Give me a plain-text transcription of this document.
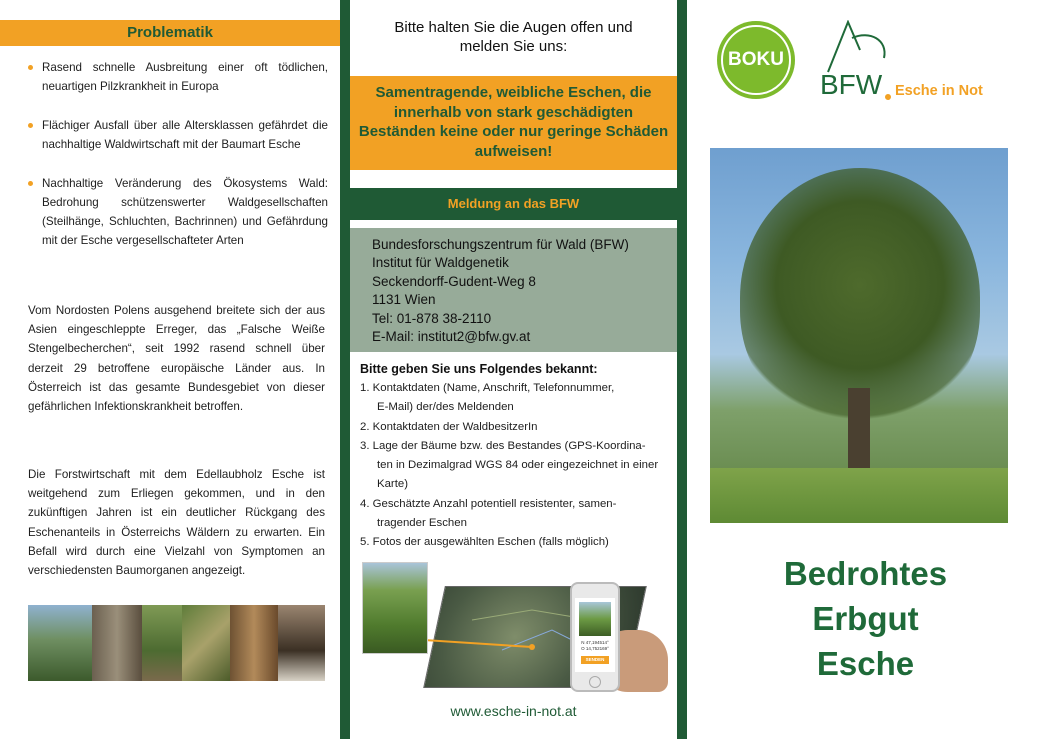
Problematik
Rasend schnelle Ausbreitung einer oft tödlichen, neuartigen Pilzkrankheit in Europa
Flächiger Ausfall über alle Altersklassen gefährdet die nachhaltige Waldwirtschaft mit der Baumart Esche
Nachhaltige Veränderung des Ökosystems Wald: Bedrohung schützenswerter Waldgesellschaften (Steilhänge, Schluchten, Bachrinnen) und Gefährdung mit der Esche vergesellschafteter Arten

Vom Nordosten Polens ausgehend breitete sich der aus Asien eingeschleppte Erreger, das „Falsche Weiße Stengelbecherchen“, seit 1992 rasend schnell über derzeit 29 betroffene europäische Länder aus. In Österreich ist das gesamte Bundesgebiet von dieser gefährlichen Infektionskrankheit betroffen.

Die Forstwirtschaft mit dem Edellaubholz Esche ist weitgehend zum Erliegen gekommen, und in den zukünftigen Jahren ist ein deutlicher Rückgang des Eschenanteils in Österreichs Wäldern zu erwarten. Ein Befall wird durch eine Vielzahl von Symptomen an verschiedensten Baumorganen angezeigt.

Bitte halten Sie die Augen offen und melden Sie uns:
Samentragende, weibliche Eschen, die innerhalb von stark geschädigten Beständen keine oder nur geringe Schäden aufweisen!
Meldung an das BFW
Bundesforschungszentrum für Wald (BFW)
Institut für Waldgenetik
Seckendorff-Gudent-Weg 8
1131 Wien
Tel: 01-878 38-2110
E-Mail: institut2@bfw.gv.at
Bitte geben Sie uns Folgendes bekannt:
1. Kontaktdaten (Name, Anschrift, Telefonnummer,
E-Mail) der/des Meldenden
2. Kontaktdaten der WaldbesitzerIn
3. Lage der Bäume bzw. des Bestandes (GPS-Koordina-
ten in Dezimalgrad WGS 84 oder eingezeichnet in einer Karte)
4. Geschätzte Anzahl potentiell resistenter, samen-
tragender Eschen
5. Fotos der ausgewählten Eschen (falls möglich)
N 47,194514°
O 14,752169°
SENDEN
www.esche-in-not.at
BOKU
BFW Esche in Not
Bedrohtes
Erbgut
Esche
